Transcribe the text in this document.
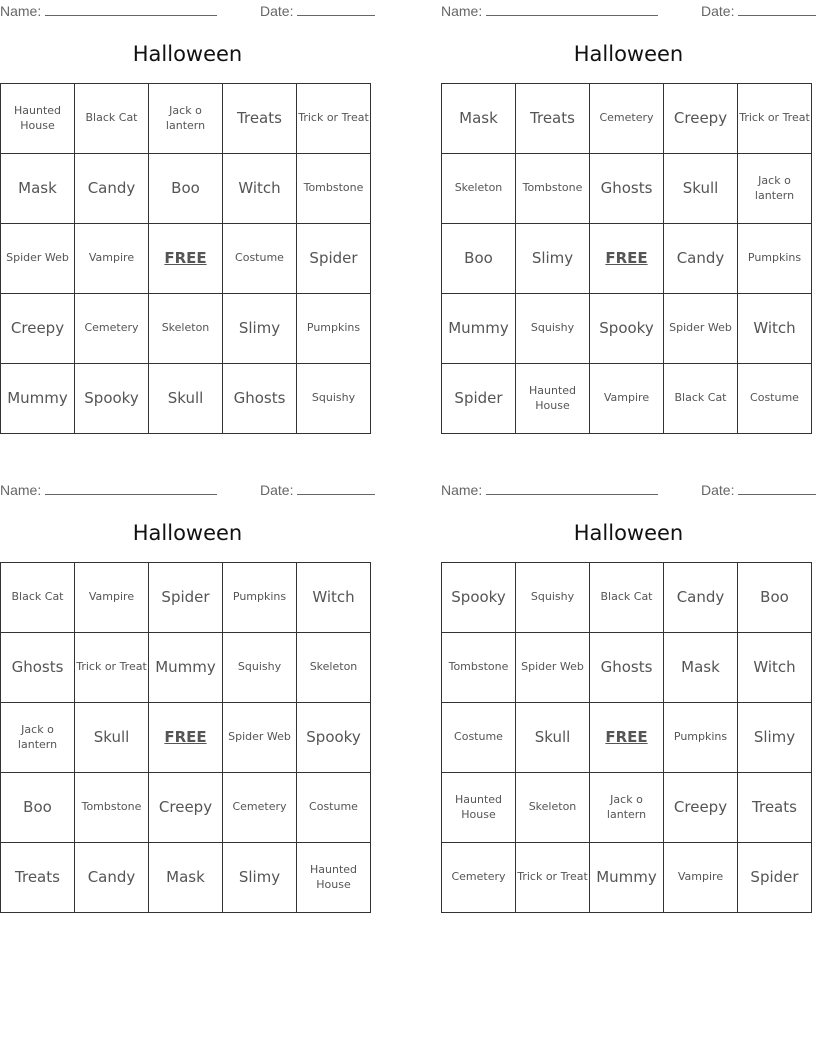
Name:	Date:
Halloween
Haunted House	Black Cat	Jack o lantern	Treats	Trick or Treat
Mask	Candy	Boo	Witch	Tombstone
Spider Web	Vampire	FREE	Costume	Spider
Creepy	Cemetery	Skeleton	Slimy	Pumpkins
Mummy	Spooky	Skull	Ghosts	Squishy
Name:	Date:
Halloween
Mask	Treats	Cemetery	Creepy	Trick or Treat
Skeleton	Tombstone	Ghosts	Skull	Jack o lantern
Boo	Slimy	FREE	Candy	Pumpkins
Mummy	Squishy	Spooky	Spider Web	Witch
Spider	Haunted House	Vampire	Black Cat	Costume
Name:	Date:
Halloween
Black Cat	Vampire	Spider	Pumpkins	Witch
Ghosts	Trick or Treat	Mummy	Squishy	Skeleton
Jack o lantern	Skull	FREE	Spider Web	Spooky
Boo	Tombstone	Creepy	Cemetery	Costume
Treats	Candy	Mask	Slimy	Haunted House
Name:	Date:
Halloween
Spooky	Squishy	Black Cat	Candy	Boo
Tombstone	Spider Web	Ghosts	Mask	Witch
Costume	Skull	FREE	Pumpkins	Slimy
Haunted House	Skeleton	Jack o lantern	Creepy	Treats
Cemetery	Trick or Treat	Mummy	Vampire	Spider
